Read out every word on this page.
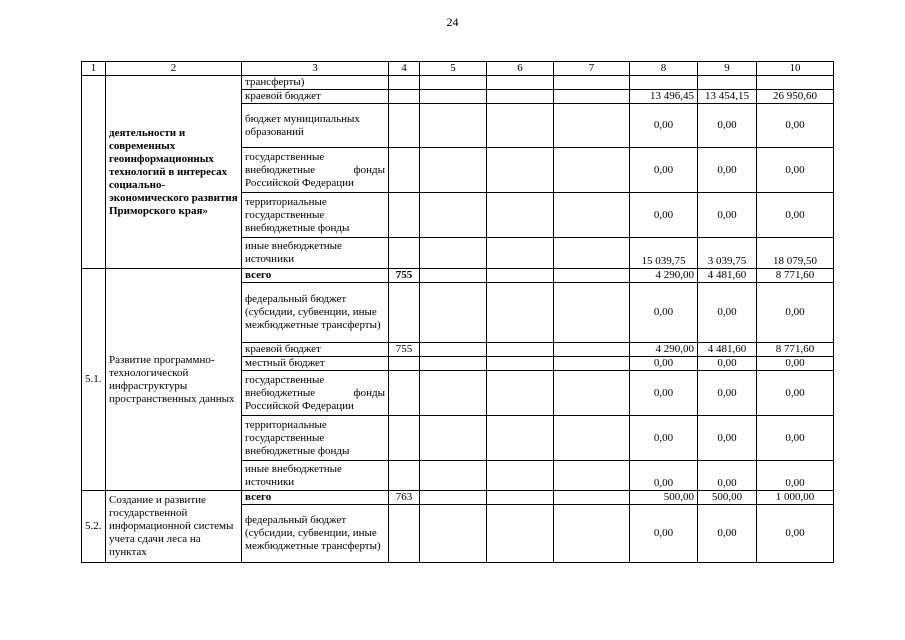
24
1	2	3	4	5	6	7	8	9	10
	деятельности и современных геоинформационных технологий в интересах социально-экономического развития Приморского края»	трансферты)							
		краевой бюджет					13 496,45	13 454,15	26 950,60
		бюджет муниципальных образований					0,00	0,00	0,00
		государственные внебюджетные фонды Российской Федерации					0,00	0,00	0,00
		территориальные государственные внебюджетные фонды					0,00	0,00	0,00
		иные внебюджетные источники					15 039,75	3 039,75	18 079,50
5.1.	Развитие программно-технологической инфраструктуры пространственных данных	всего	755				4 290,00	4 481,60	8 771,60
		федеральный бюджет (субсидии, субвенции, иные межбюджетные трансферты)					0,00	0,00	0,00
		краевой бюджет	755				4 290,00	4 481,60	8 771,60
		местный бюджет					0,00	0,00	0,00
		государственные внебюджетные фонды Российской Федерации					0,00	0,00	0,00
		территориальные государственные внебюджетные фонды					0,00	0,00	0,00
		иные внебюджетные источники					0,00	0,00	0,00
5.2.	Создание и развитие государственной информационной системы учета сдачи леса на пунктах	всего	763				500,00	500,00	1 000,00
		федеральный бюджет (субсидии, субвенции, иные межбюджетные трансферты)					0,00	0,00	0,00
